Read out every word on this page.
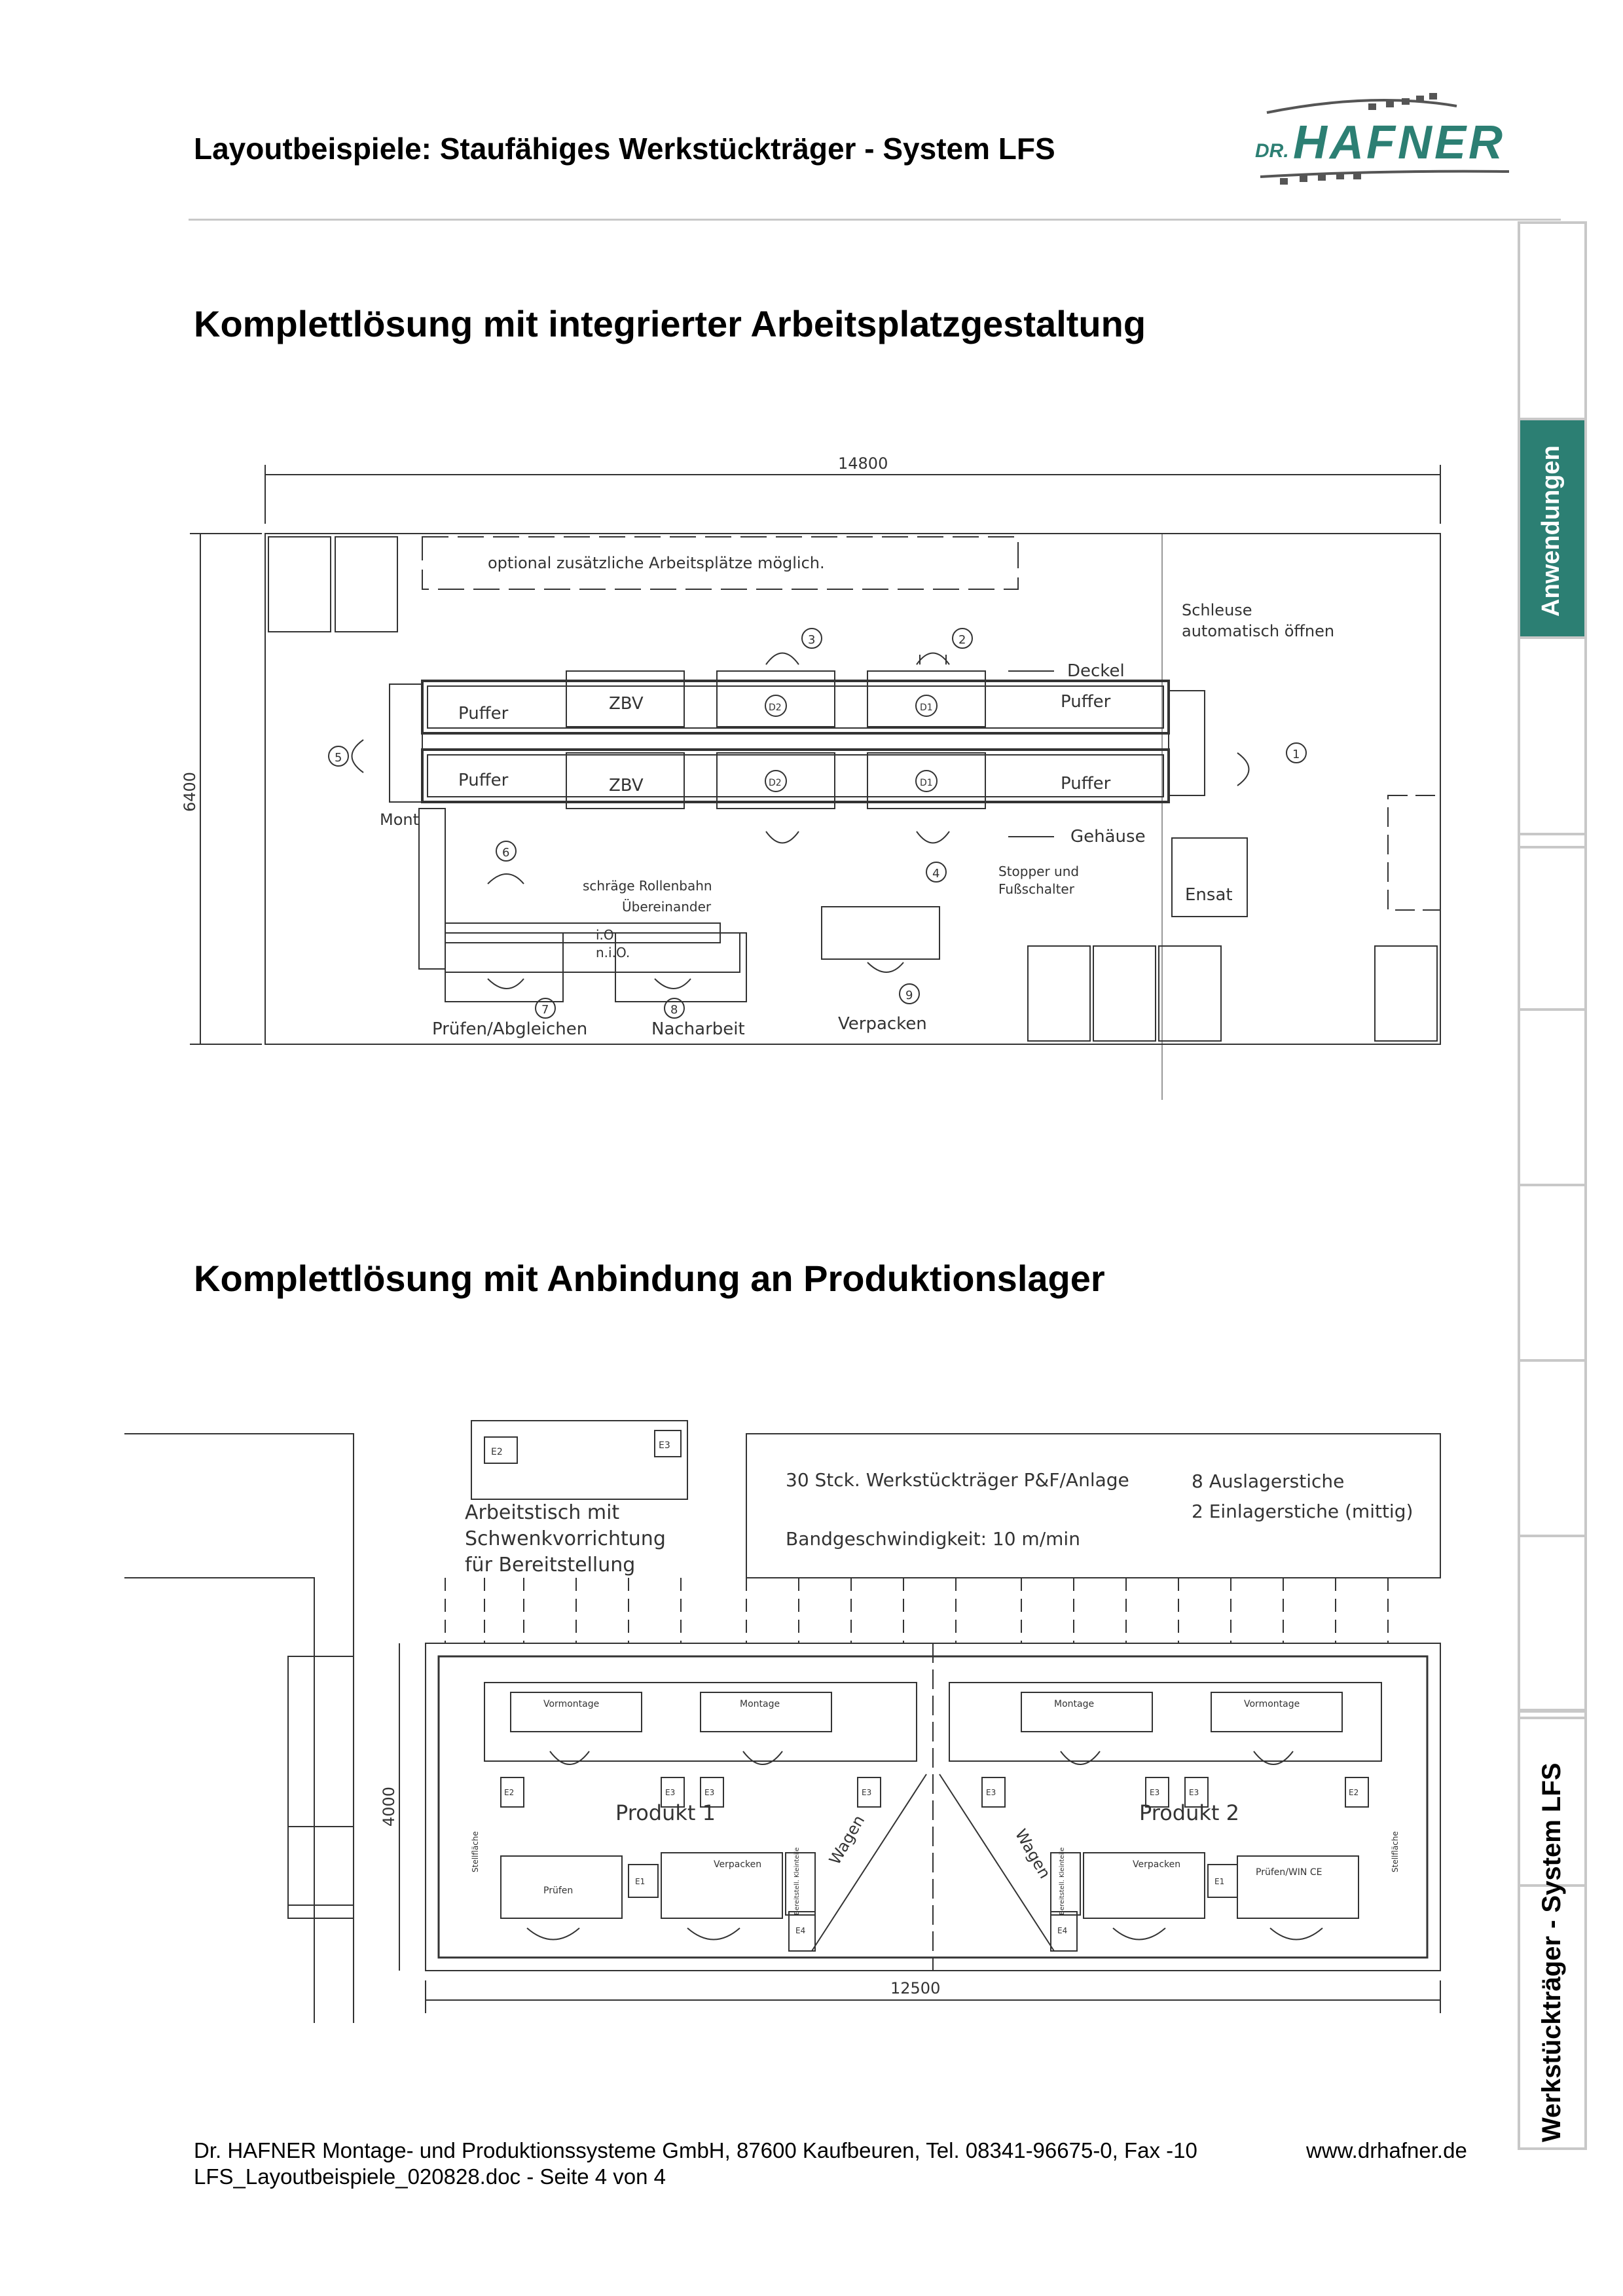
Layoutbeispiele: Staufähiges Werkstückträger - System LFS	DR. HAFNER
Anwendungen
Werkstückträger - System LFS
Komplettlösung mit integrierter Arbeitsplatzgestaltung
14800
6400
optional zusätzliche Arbeitsplätze möglich.
Schleuse
automatisch öffnen
Puffer
Puffer
Puffer
Puffer
ZBV
ZBV
D2	D1
D2	D1
Deckel
Gehäuse
Stopper und
Fußschalter	Ensat
Mont
schräge Rollenbahn
Übereinander
i.O.
n.i.O.
Prüfen/Abgleichen	Nacharbeit	Verpacken
1
2
3
4
5
6
7	8
9
Komplettlösung mit Anbindung an Produktionslager
E2
E3
Arbeitstisch mit
Schwenkvorrichtung
für Bereitstellung
30 Stck. Werkstückträger P&F/Anlage
Bandgeschwindigkeit: 10 m/min
8 Auslagerstiche
2 Einlagerstiche (mittig)
Vormontage	Montage	Montage	Vormontage
E2	E3	E3	E3	E3	E3	E3	E2
Produkt 1	Produkt 2
Prüfen
E1
Verpacken	Bereitstell. Kleinteile
E4
Bereitstell. Kleinteile
E4
Verpacken
E1
Prüfen/WIN CE
Wagen	Wagen
Stellfläche	Stellfläche
12500
4000
Dr. HAFNER Montage- und Produktionssysteme GmbH, 87600 Kaufbeuren, Tel. 08341-96675-0, Fax -10
LFS_Layoutbeispiele_020828.doc - Seite 4 von 4
www.drhafner.de
